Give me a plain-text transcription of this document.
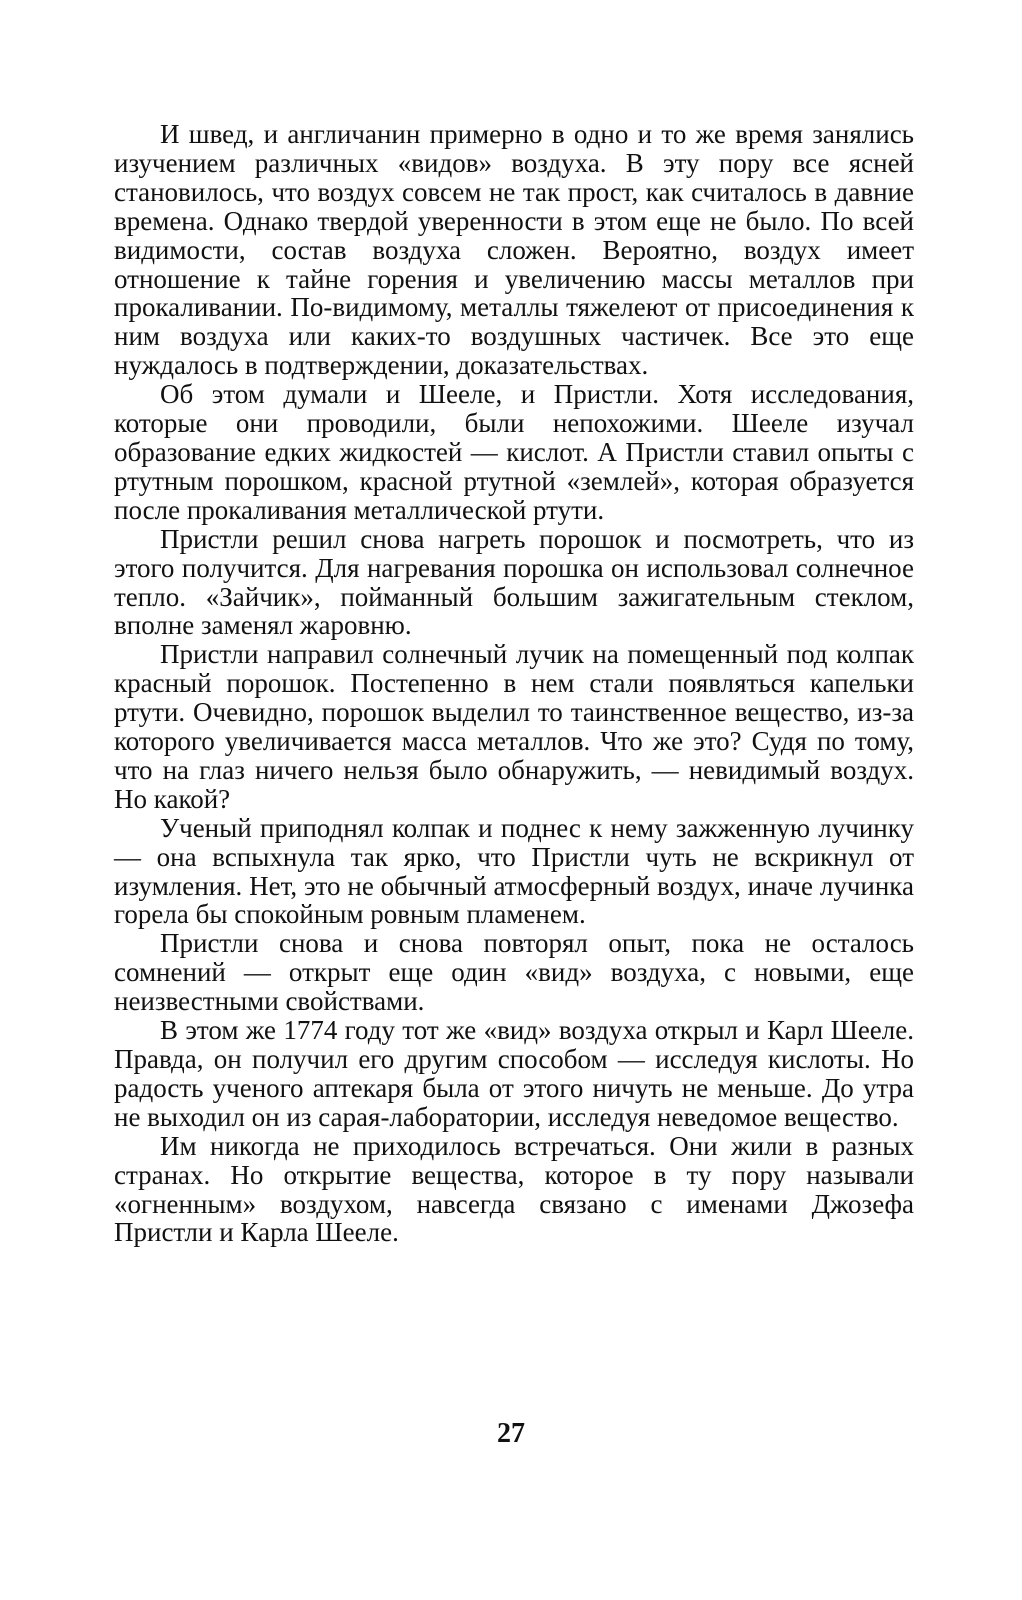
И швед, и англичанин примерно в одно и то же время занялись изучением различных «видов» воздуха. В эту пору все ясней становилось, что воздух совсем не так прост, как считалось в давние времена. Однако твердой уверенности в этом еще не было. По всей видимости, состав воздуха сложен. Вероятно, воздух имеет отношение к тайне горения и увеличению массы металлов при прокаливании. По-видимому, металлы тяжелеют от присоединения к ним воздуха или каких-то воздушных частичек. Все это еще нуждалось в подтверждении, доказательствах.

Об этом думали и Шееле, и Пристли. Хотя исследования, которые они проводили, были непохожими. Шееле изучал образование едких жидкостей — кислот. А Пристли ставил опыты с ртутным порошком, красной ртутной «землей», которая образуется после прокаливания металлической ртути.

Пристли решил снова нагреть порошок и посмотреть, что из этого получится. Для нагревания порошка он использовал солнечное тепло. «Зайчик», пойманный большим зажигательным стеклом, вполне заменял жаровню.

Пристли направил солнечный лучик на помещенный под колпак красный порошок. Постепенно в нем стали появляться капельки ртути. Очевидно, порошок выделил то таинственное вещество, из-за которого увеличивается масса металлов. Что же это? Судя по тому, что на глаз ничего нельзя было обнаружить, — невидимый воздух. Но какой?

Ученый приподнял колпак и поднес к нему зажженную лучинку — она вспыхнула так ярко, что Пристли чуть не вскрикнул от изумления. Нет, это не обычный атмосферный воздух, иначе лучинка горела бы спокойным ровным пламенем.

Пристли снова и снова повторял опыт, пока не осталось сомнений — открыт еще один «вид» воздуха, с новыми, еще неизвестными свойствами.

В этом же 1774 году тот же «вид» воздуха открыл и Карл Шееле. Правда, он получил его другим способом — исследуя кислоты. Но радость ученого аптекаря была от этого ничуть не меньше. До утра не выходил он из сарая-лаборатории, исследуя неведомое вещество.

Им никогда не приходилось встречаться. Они жили в разных странах. Но открытие вещества, которое в ту пору называли «огненным» воздухом, навсегда связано с именами Джозефа Пристли и Карла Шееле.

27
